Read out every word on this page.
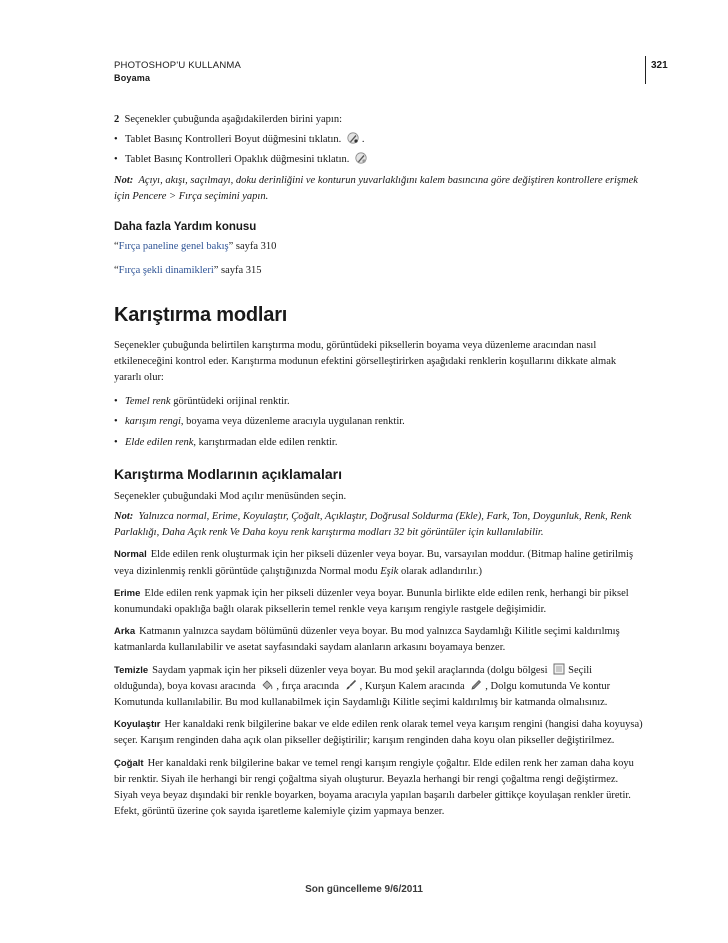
PHOTOSHOP'U KULLANMA
Boyama
321

2 Seçenekler çubuğunda aşağıdakilerden birini yapın:

• Tablet Basınç Kontrolleri Boyut düğmesini tıklatın. .
• Tablet Basınç Kontrolleri Opaklık düğmesini tıklatın.

Not: Açıyı, akışı, saçılmayı, doku derinliğini ve konturun yuvarlaklığını kalem basıncına göre değiştiren kontrollere erişmek için Pencere > Fırça seçimini yapın.

Daha fazla Yardım konusu

“Fırça paneline genel bakış” sayfa 310

“Fırça şekli dinamikleri” sayfa 315

Karıştırma modları

Seçenekler çubuğunda belirtilen karıştırma modu, görüntüdeki piksellerin boyama veya düzenleme aracından nasıl etkileneceğini kontrol eder. Karıştırma modunun efektini görselleştirirken aşağıdaki renklerin koşullarını dikkate almak yararlı olur:

• Temel renk görüntüdeki orijinal renktir.
• karışım rengi, boyama veya düzenleme aracıyla uygulanan renktir.
• Elde edilen renk, karıştırmadan elde edilen renktir.
Karıştırma Modlarının açıklamaları

Seçenekler çubuğundaki Mod açılır menüsünden seçin.

Not: Yalnızca normal, Erime, Koyulaştır, Çoğalt, Açıklaştır, Doğrusal Soldurma (Ekle), Fark, Ton, Doygunluk, Renk, Renk Parlaklığı, Daha Açık renk Ve Daha koyu renk karıştırma modları 32 bit görüntüler için kullanılabilir.

Normal Elde edilen renk oluşturmak için her pikseli düzenler veya boyar. Bu, varsayılan moddur. (Bitmap haline getirilmiş veya dizinlenmiş renkli görüntüde çalıştığınızda Normal modu Eşik olarak adlandırılır.)

Erime Elde edilen renk yapmak için her pikseli düzenler veya boyar. Bununla birlikte elde edilen renk, herhangi bir piksel konumundaki opaklığa bağlı olarak piksellerin temel renkle veya karışım rengiyle rastgele değişimidir.

Arka Katmanın yalnızca saydam bölümünü düzenler veya boyar. Bu mod yalnızca Saydamlığı Kilitle seçimi kaldırılmış katmanlarda kullanılabilir ve asetat sayfasındaki saydam alanların arkasını boyamaya benzer.

Temizle Saydam yapmak için her pikseli düzenler veya boyar. Bu mod şekil araçlarında (dolgu bölgesi Seçili olduğunda), boya kovası aracında , fırça aracında , Kurşun Kalem aracında , Dolgu komutunda Ve kontur Komutunda kullanılabilir. Bu mod kullanabilmek için Saydamlığı Kilitle seçimi kaldırılmış bir katmanda olmalısınız.

Koyulaştır Her kanaldaki renk bilgilerine bakar ve elde edilen renk olarak temel veya karışım rengini (hangisi daha koyuysa) seçer. Karışım renginden daha açık olan pikseller değiştirilir; karışım renginden daha koyu olan pikseller değiştirilmez.

Çoğalt Her kanaldaki renk bilgilerine bakar ve temel rengi karışım rengiyle çoğaltır. Elde edilen renk her zaman daha koyu bir renktir. Siyah ile herhangi bir rengi çoğaltma siyah oluşturur. Beyazla herhangi bir rengi çoğaltma rengi değiştirmez. Siyah veya beyaz dışındaki bir renkle boyarken, boyama aracıyla yapılan başarılı darbeler gittikçe koyulaşan renkler üretir. Efekt, görüntü üzerine çok sayıda işaretleme kalemiyle çizim yapmaya benzer.

Son güncelleme 9/6/2011
